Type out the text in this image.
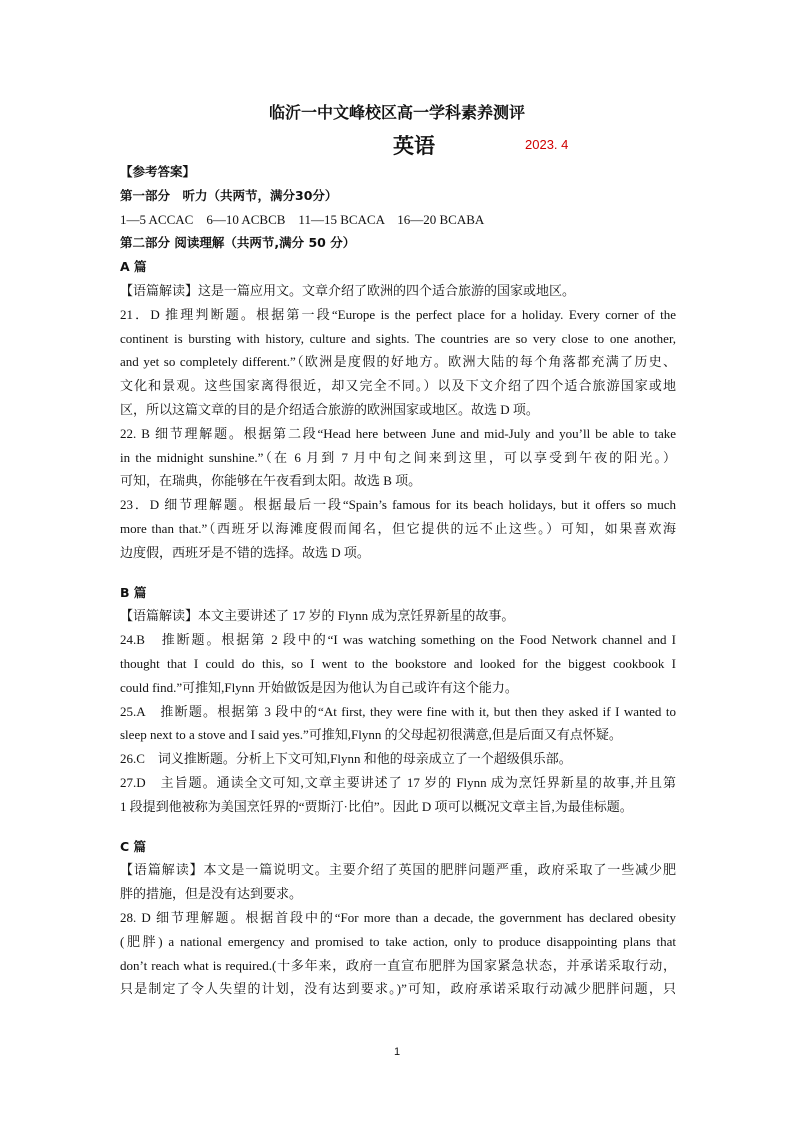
临沂一中文峰校区高一学科素养测评
英语	2023. 4

【参考答案】

第一部分　听力（共两节，满分30分）

1—5 ACCAC　6—10 ACBCB　11—15 BCACA　16—20 BCABA

第二部分 阅读理解（共两节,满分 50 分）

A 篇

【语篇解读】这是一篇应用文。文章介绍了欧洲的四个适合旅游的国家或地区。

21．D 推理判断题。根据第一段“Europe is the perfect place for a holiday. Every corner of the

continent is bursting with history, culture and sights. The countries are so very close to one another,

and yet so completely different.”（欧洲是度假的好地方。欧洲大陆的每个角落都充满了历史、

文化和景观。这些国家离得很近，却又完全不同。）以及下文介绍了四个适合旅游国家或地

区，所以这篇文章的目的是介绍适合旅游的欧洲国家或地区。故选 D 项。

22. B 细节理解题。根据第二段“Head here between June and mid-July and you’ll be able to take

in the midnight sunshine.”（在 6 月到 7 月中旬之间来到这里，可以享受到午夜的阳光。）

可知，在瑞典，你能够在午夜看到太阳。故选 B 项。

23．D 细节理解题。根据最后一段“Spain’s famous for its beach holidays, but it offers so much

more than that.”（西班牙以海滩度假而闻名，但它提供的远不止这些。）可知，如果喜欢海

边度假，西班牙是不错的选择。故选 D 项。

B 篇

【语篇解读】本文主要讲述了 17 岁的 Flynn 成为烹饪界新星的故事。

24.B　推断题。根据第 2 段中的“I was watching something on the Food Network channel and I

thought that I could do this, so I went to the bookstore and looked for the biggest cookbook I

could find.”可推知,Flynn 开始做饭是因为他认为自己或许有这个能力。

25.A　推断题。根据第 3 段中的“At first, they were fine with it, but then they asked if I wanted to

sleep next to a stove and I said yes.”可推知,Flynn 的父母起初很满意,但是后面又有点怀疑。

26.C　词义推断题。分析上下文可知,Flynn 和他的母亲成立了一个超级俱乐部。

27.D　主旨题。通读全文可知,文章主要讲述了 17 岁的 Flynn 成为烹饪界新星的故事,并且第

1 段提到他被称为美国烹饪界的“贾斯汀·比伯”。因此 D 项可以概况文章主旨,为最佳标题。

C 篇

【语篇解读】本文是一篇说明文。主要介绍了英国的肥胖问题严重，政府采取了一些减少肥

胖的措施，但是没有达到要求。

28. D 细节理解题。根据首段中的“For more than a decade, the government has declared obesity

(肥胖) a national emergency and promised to take action, only to produce disappointing plans that

don’t reach what is required.(十多年来，政府一直宣布肥胖为国家紧急状态，并承诺采取行动，

只是制定了令人失望的计划，没有达到要求。)”可知，政府承诺采取行动减少肥胖问题，只

1
